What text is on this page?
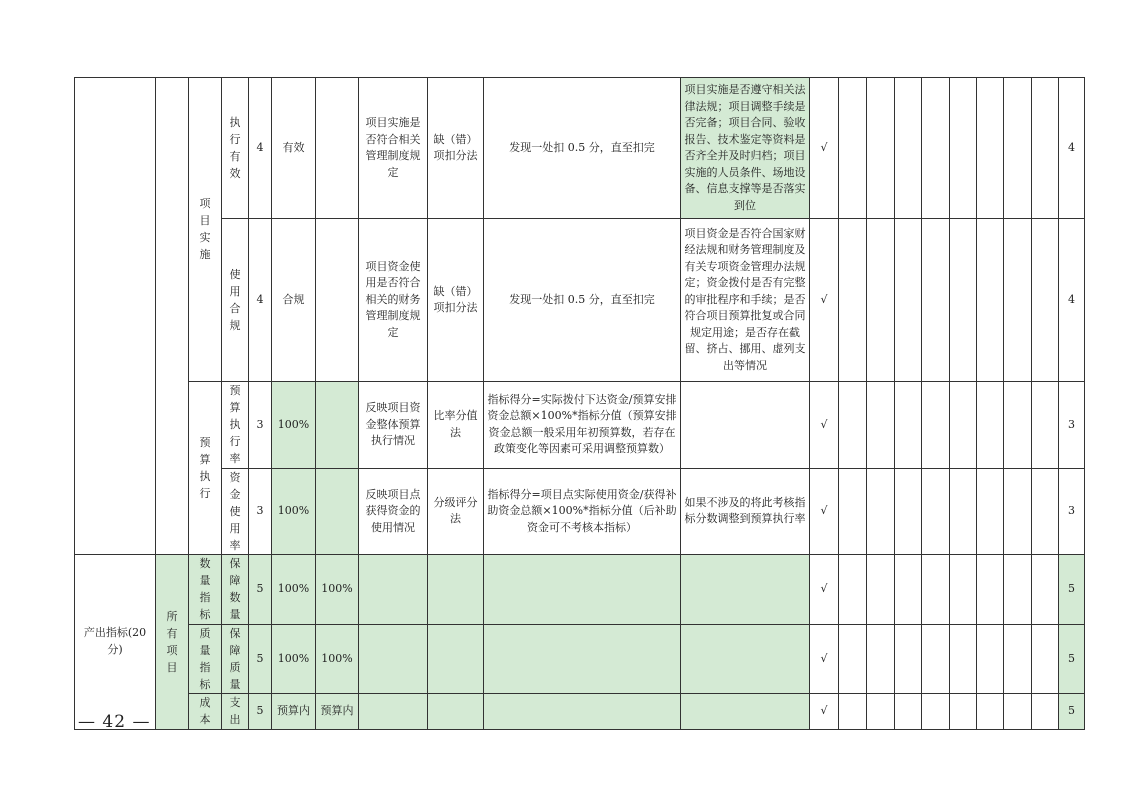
		项目实施	执行有效	4	有效		项目实施是否符合相关管理制度规定	缺（错）项扣分法	发现一处扣 0.5 分，直至扣完	项目实施是否遵守相关法律法规；项目调整手续是否完备；项目合同、验收报告、技术鉴定等资料是否齐全并及时归档；项目实施的人员条件、场地设备、信息支撑等是否落实到位	√									4
			使用合规	4	合规		项目资金使用是否符合相关的财务管理制度规定	缺（错）项扣分法	发现一处扣 0.5 分，直至扣完	项目资金是否符合国家财经法规和财务管理制度及有关专项资金管理办法规定；资金拨付是否有完整的审批程序和手续；是否符合项目预算批复或合同规定用途；是否存在截留、挤占、挪用、虚列支出等情况	√									4
		预算执行	预算执行率	3	100%		反映项目资金整体预算执行情况	比率分值法	指标得分=实际拨付下达资金/预算安排资金总额×100%*指标分值（预算安排资金总额一般采用年初预算数，若存在政策变化等因素可采用调整预算数）		√									3
			资金使用率	3	100%		反映项目点获得资金的使用情况	分级评分法	指标得分=项目点实际使用资金/获得补助资金总额×100%*指标分值（后补助资金可不考核本指标）	如果不涉及的将此考核指标分数调整到预算执行率	√									3
产出指标(20分)	所有项目	数量指标	保障数量	5	100%	100%					√									5
		质量指标	保障质量	5	100%	100%					√									5
		成本	支出	5	预算内	预算内					√									5
— 42 —
